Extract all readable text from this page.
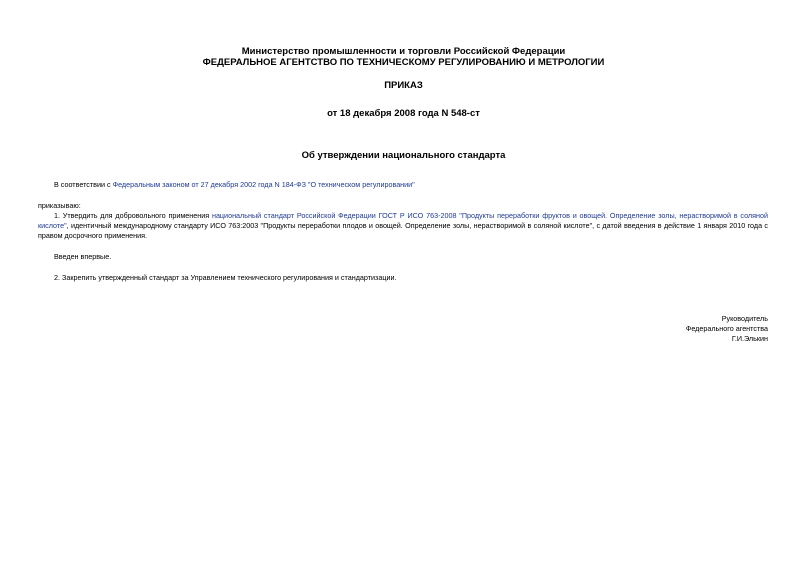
Министерство промышленности и торговли Российской Федерации
ФЕДЕРАЛЬНОЕ АГЕНТСТВО ПО ТЕХНИЧЕСКОМУ РЕГУЛИРОВАНИЮ И МЕТРОЛОГИИ
ПРИКАЗ
от 18 декабря 2008 года N 548-ст
Об утверждении национального стандарта
В соответствии с Федеральным законом от 27 декабря 2002 года N 184-ФЗ "О техническом регулировании"
приказываю:
1. Утвердить для добровольного применения национальный стандарт Российской Федерации ГОСТ Р ИСО 763-2008 "Продукты переработки фруктов и овощей. Определение золы, нерастворимой в соляной кислоте", идентичный международному стандарту ИСО 763:2003 "Продукты переработки плодов и овощей. Определение золы, нерастворимой в соляной кислоте", с датой введения в действие 1 января 2010 года с правом досрочного применения.
Введен впервые.
2. Закрепить утвержденный стандарт за Управлением технического регулирования и стандартизации.
Руководитель
Федерального агентства
Г.И.Элькин
